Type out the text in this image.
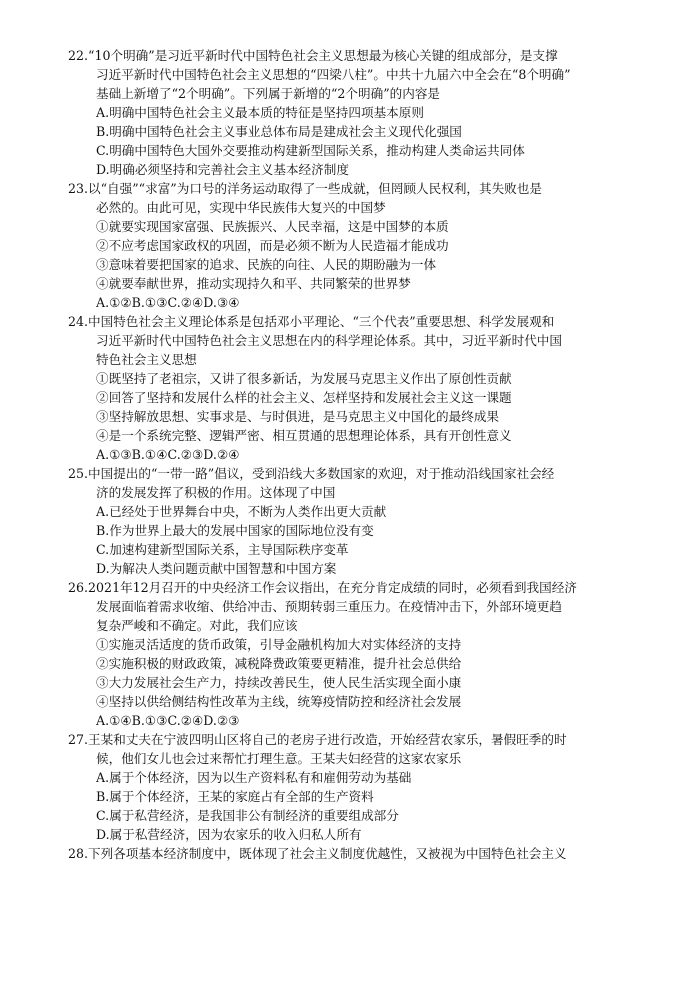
22.“10个明确”是习近平新时代中国特色社会主义思想最为核心关键的组成部分，是支撑
习近平新时代中国特色社会主义思想的“四梁八柱”。中共十九届六中全会在“8个明确”
基础上新增了“2个明确”。下列属于新增的“2个明确”的内容是
A.明确中国特色社会主义最本质的特征是坚持四项基本原则
B.明确中国特色社会主义事业总体布局是建成社会主义现代化强国
C.明确中国特色大国外交要推动构建新型国际关系，推动构建人类命运共同体
D.明确必须坚持和完善社会主义基本经济制度
23.以“自强”“求富”为口号的洋务运动取得了一些成就，但罔顾人民权利，其失败也是
必然的。由此可见，实现中华民族伟大复兴的中国梦
①就要实现国家富强、民族振兴、人民幸福，这是中国梦的本质
②不应考虑国家政权的巩固，而是必须不断为人民造福才能成功
③意味着要把国家的追求、民族的向往、人民的期盼融为一体
④就要奉献世界，推动实现持久和平、共同繁荣的世界梦
A.①②B.①③C.②④D.③④
24.中国特色社会主义理论体系是包括邓小平理论、“三个代表”重要思想、科学发展观和
习近平新时代中国特色社会主义思想在内的科学理论体系。其中，习近平新时代中国
特色社会主义思想
①既坚持了老祖宗，又讲了很多新话，为发展马克思主义作出了原创性贡献
②回答了坚持和发展什么样的社会主义、怎样坚持和发展社会主义这一课题
③坚持解放思想、实事求是、与时俱进，是马克思主义中国化的最终成果
④是一个系统完整、逻辑严密、相互贯通的思想理论体系，具有开创性意义
A.①③B.①④C.②③D.②④
25.中国提出的“一带一路”倡议，受到沿线大多数国家的欢迎，对于推动沿线国家社会经
济的发展发挥了积极的作用。这体现了中国
A.已经处于世界舞台中央，不断为人类作出更大贡献
B.作为世界上最大的发展中国家的国际地位没有变
C.加速构建新型国际关系，主导国际秩序变革
D.为解决人类问题贡献中国智慧和中国方案
26.2021年12月召开的中央经济工作会议指出，在充分肯定成绩的同时，必须看到我国经济
发展面临着需求收缩、供给冲击、预期转弱三重压力。在疫情冲击下，外部环境更趋
复杂严峻和不确定。对此，我们应该
①实施灵活适度的货币政策，引导金融机构加大对实体经济的支持
②实施积极的财政政策，减税降费政策要更精准，提升社会总供给
③大力发展社会生产力，持续改善民生，使人民生活实现全面小康
④坚持以供给侧结构性改革为主线，统筹疫情防控和经济社会发展
A.①④B.①③C.②④D.②③
27.王某和丈夫在宁波四明山区将自己的老房子进行改造，开始经营农家乐，暑假旺季的时
候，他们女儿也会过来帮忙打理生意。王某夫妇经营的这家农家乐
A.属于个体经济，因为以生产资料私有和雇佣劳动为基础
B.属于个体经济，王某的家庭占有全部的生产资料
C.属于私营经济，是我国非公有制经济的重要组成部分
D.属于私营经济，因为农家乐的收入归私人所有
28.下列各项基本经济制度中，既体现了社会主义制度优越性，又被视为中国特色社会主义
